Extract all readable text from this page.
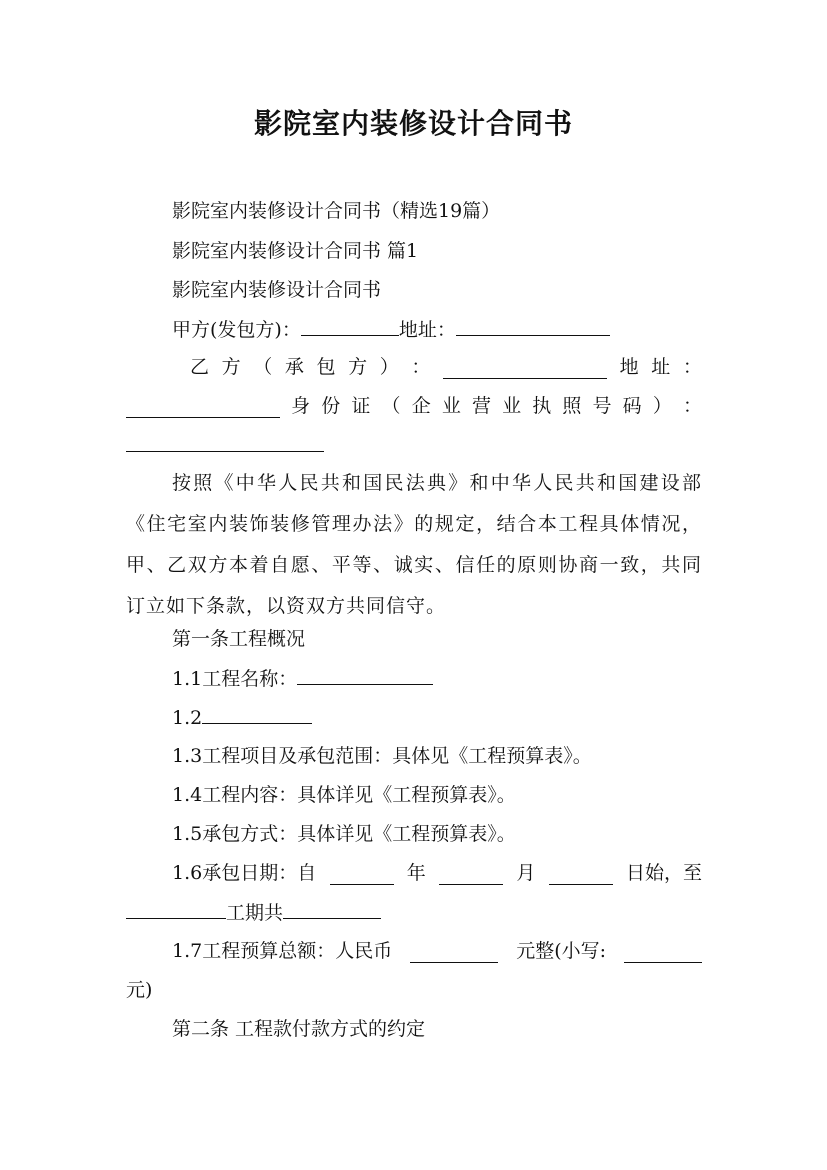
影院室内装修设计合同书
影院室内装修设计合同书（精选19篇）
影院室内装修设计合同书 篇1
影院室内装修设计合同书
甲方(发包方)：	地址：
乙 方 （ 承 包 方 ） ：	地 址 ：
身 份 证 （ 企 业 营 业 执 照 号 码 ） ：
按照《中华人民共和国民法典》和中华人民共和国建设部《住宅室内装饰装修管理办法》的规定，结合本工程具体情况，甲、乙双方本着自愿、平等、诚实、信任的原则协商一致，共同订立如下条款，以资双方共同信守。
第一条工程概况
1.1工程名称：
1.2
1.3工程项目及承包范围：具体见《工程预算表》。
1.4工程内容：具体详见《工程预算表》。
1.5承包方式：具体详见《工程预算表》。
1.6承包日期：自	年	月	日始，至
工期共
1.7工程预算总额：人民币	元整(小写:
元)
第二条 工程款付款方式的约定
